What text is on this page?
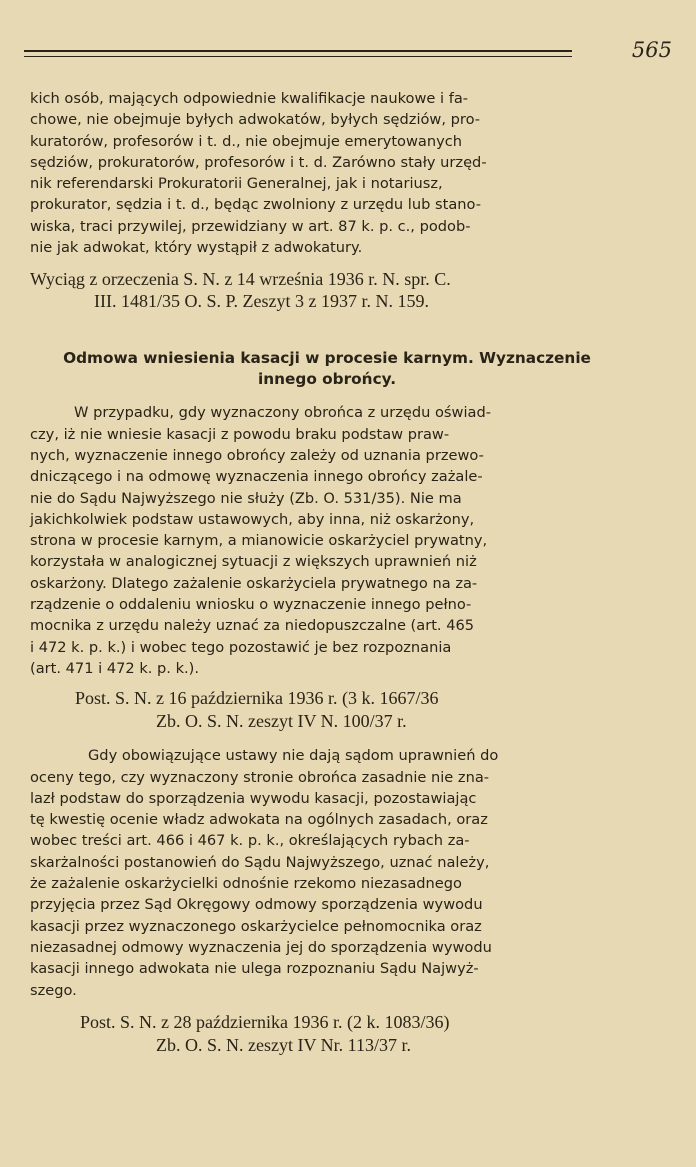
565

kich osób, mających odpowiednie kwalifikacje naukowe i fa-
chowe, nie obejmuje byłych adwokatów, byłych sędziów, pro-
kuratorów, profesorów i t. d., nie obejmuje emerytowanych
sędziów, prokuratorów, profesorów i t. d. Zarówno stały urzęd-
nik referendarski Prokuratorii Generalnej, jak i notariusz,
prokurator, sędzia i t. d., będąc zwolniony z urzędu lub stano-
wiska, traci przywilej, przewidziany w art. 87 k. p. c., podob-
nie jak adwokat, który wystąpił z adwokatury.

Wyciąg z orzeczenia S. N. z 14 września 1936 r. N. spr. C.

III. 1481/35 O. S. P. Zeszyt 3 z 1937 r. N. 159.

Odmowa wniesienia kasacji w procesie karnym. Wyznaczenie

innego obrońcy.

W przypadku, gdy wyznaczony obrońca z urzędu oświad-
czy, iż nie wniesie kasacji z powodu braku podstaw praw-
nych, wyznaczenie innego obrońcy zależy od uznania przewo-
dniczącego i na odmowę wyznaczenia innego obrońcy zażale-
nie do Sądu Najwyższego nie służy (Zb. O. 531/35). Nie ma
jakichkolwiek podstaw ustawowych, aby inna, niż oskarżony,
strona w procesie karnym, a mianowicie oskarżyciel prywatny,
korzystała w analogicznej sytuacji z większych uprawnień niż
oskarżony. Dlatego zażalenie oskarżyciela prywatnego na za-
rządzenie o oddaleniu wniosku o wyznaczenie innego pełno-
mocnika z urzędu należy uznać za niedopuszczalne (art. 465
i 472 k. p. k.) i wobec tego pozostawić je bez rozpoznania
(art. 471 i 472 k. p. k.).

Post. S. N. z 16 października 1936 r. (3 k. 1667/36

Zb. O. S. N. zeszyt IV N. 100/37 r.

Gdy obowiązujące ustawy nie dają sądom uprawnień do
oceny tego, czy wyznaczony stronie obrońca zasadnie nie zna-
lazł podstaw do sporządzenia wywodu kasacji, pozostawiając
tę kwestię ocenie władz adwokata na ogólnych zasadach, oraz
wobec treści art. 466 i 467 k. p. k., określających rybach za-
skarżalności postanowień do Sądu Najwyższego, uznać należy,
że zażalenie oskarżycielki odnośnie rzekomo niezasadnego
przyjęcia przez Sąd Okręgowy odmowy sporządzenia wywodu
kasacji przez wyznaczonego oskarżycielce pełnomocnika oraz
niezasadnej odmowy wyznaczenia jej do sporządzenia wywodu
kasacji innego adwokata nie ulega rozpoznaniu Sądu Najwyż-
szego.

Post. S. N. z 28 października 1936 r. (2 k. 1083/36)

Zb. O. S. N. zeszyt IV Nr. 113/37 r.
